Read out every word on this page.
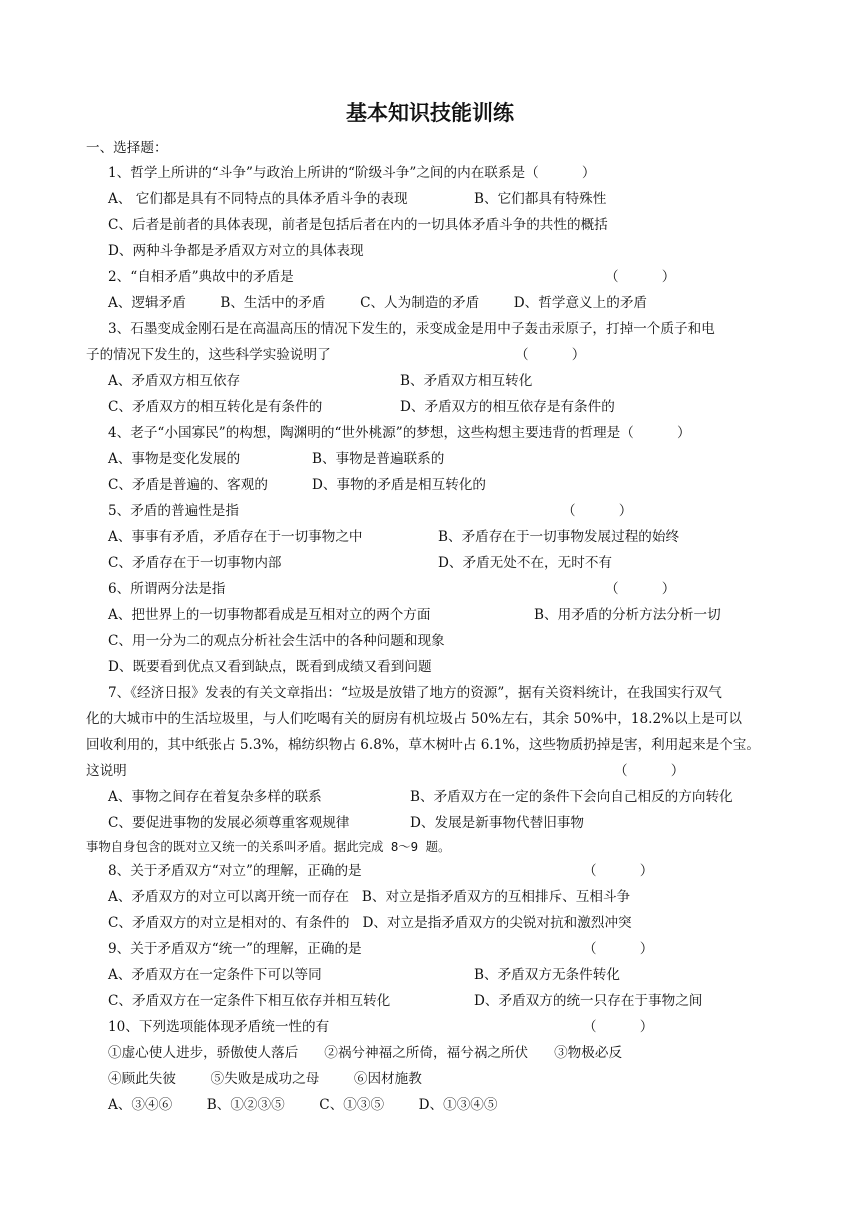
基本知识技能训练
一、选择题：
1、哲学上所讲的“斗争”与政治上所讲的“阶级斗争”之间的内在联系是（          ）
A、 它们都是具有不同特点的具体矛盾斗争的表现	B、它们都具有特殊性
C、后者是前者的具体表现，前者是包括后者在内的一切具体矛盾斗争的共性的概括
D、两种斗争都是矛盾双方对立的具体表现
2、“自相矛盾”典故中的矛盾是	（          ）
A、逻辑矛盾        B、生活中的矛盾        C、人为制造的矛盾        D、哲学意义上的矛盾
3、石墨变成金刚石是在高温高压的情况下发生的，汞变成金是用中子轰击汞原子，打掉一个质子和电
子的情况下发生的，这些科学实验说明了	（          ）
A、矛盾双方相互依存	B、矛盾双方相互转化
C、矛盾双方的相互转化是有条件的	D、矛盾双方的相互依存是有条件的
4、老子“小国寡民”的构想，陶渊明的“世外桃源”的梦想，这些构想主要违背的哲理是（          ）
A、事物是变化发展的	B、事物是普遍联系的
C、矛盾是普遍的、客观的	D、事物的矛盾是相互转化的
5、矛盾的普遍性是指	（          ）
A、事事有矛盾，矛盾存在于一切事物之中	B、矛盾存在于一切事物发展过程的始终
C、矛盾存在于一切事物内部	D、矛盾无处不在，无时不有
6、所谓两分法是指	（          ）
A、把世界上的一切事物都看成是互相对立的两个方面	B、用矛盾的分析方法分析一切
C、用一分为二的观点分析社会生活中的各种问题和现象
D、既要看到优点又看到缺点，既看到成绩又看到问题
7、《经济日报》发表的有关文章指出：“垃圾是放错了地方的资源”，据有关资料统计，在我国实行双气
化的大城市中的生活垃圾里，与人们吃喝有关的厨房有机垃圾占 50%左右，其余 50%中，18.2%以上是可以
回收利用的，其中纸张占 5.3%，棉纺织物占 6.8%，草木树叶占 6.1%，这些物质扔掉是害，利用起来是个宝。
这说明	（          ）
A、事物之间存在着复杂多样的联系	B、矛盾双方在一定的条件下会向自己相反的方向转化
C、要促进事物的发展必须尊重客观规律	D、发展是新事物代替旧事物
事物自身包含的既对立又统一的关系叫矛盾。据此完成 8～9 题。
8、关于矛盾双方“对立”的理解，正确的是	（          ）
A、矛盾双方的对立可以离开统一而存在   B、对立是指矛盾双方的互相排斥、互相斗争
C、矛盾双方的对立是相对的、有条件的   D、对立是指矛盾双方的尖锐对抗和激烈冲突
9、关于矛盾双方“统一”的理解，正确的是	（          ）
A、矛盾双方在一定条件下可以等同	B、矛盾双方无条件转化
C、矛盾双方在一定条件下相互依存并相互转化	D、矛盾双方的统一只存在于事物之间
10、下列选项能体现矛盾统一性的有	（          ）
①虚心使人进步，骄傲使人落后      ②祸兮神福之所倚，福兮祸之所伏      ③物极必反
④顾此失彼        ⑤失败是成功之母        ⑥因材施教
A、③④⑥        B、①②③⑤        C、①③⑤        D、①③④⑤
